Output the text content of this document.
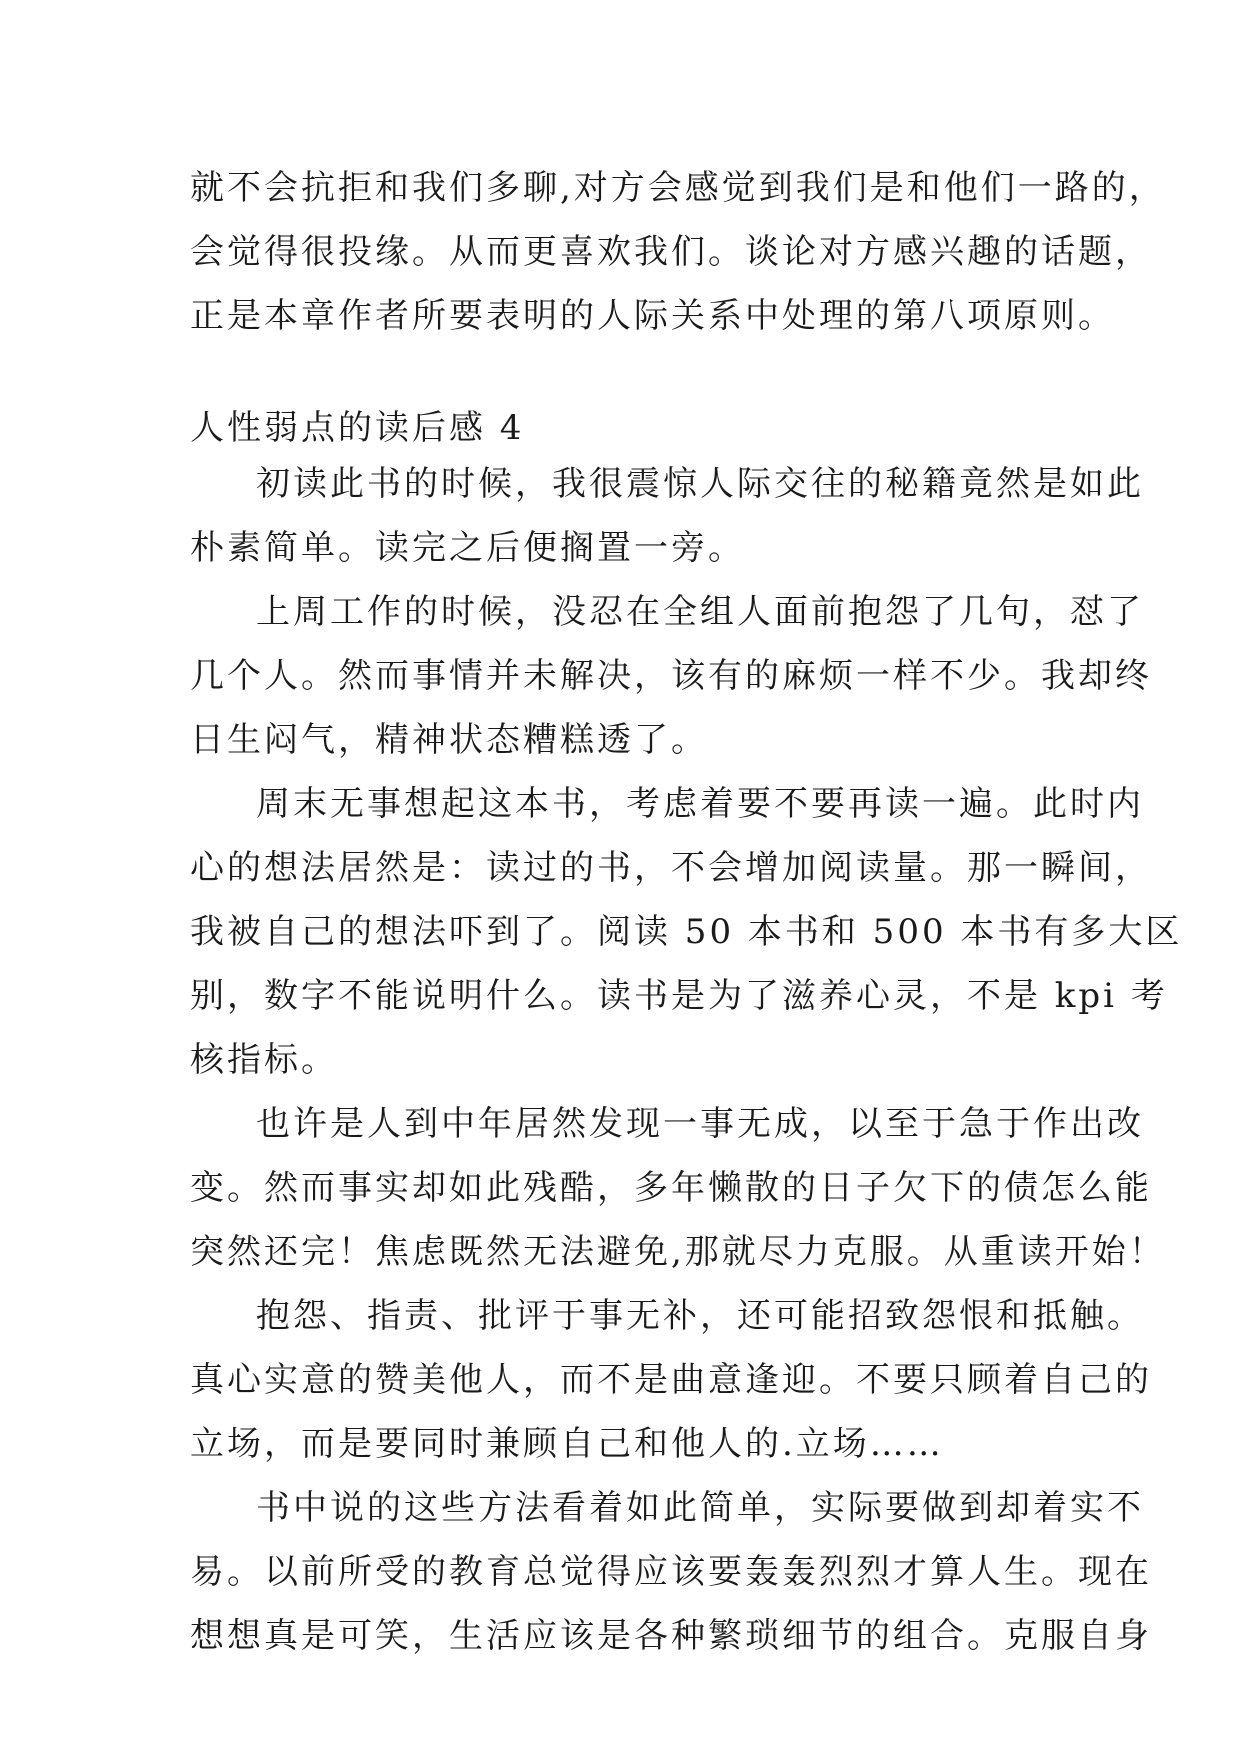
就不会抗拒和我们多聊,对方会感觉到我们是和他们一路的，
会觉得很投缘。从而更喜欢我们。谈论对方感兴趣的话题，
正是本章作者所要表明的人际关系中处理的第八项原则。
人性弱点的读后感 4
初读此书的时候，我很震惊人际交往的秘籍竟然是如此
朴素简单。读完之后便搁置一旁。
上周工作的时候，没忍在全组人面前抱怨了几句，怼了
几个人。然而事情并未解决，该有的麻烦一样不少。我却终
日生闷气，精神状态糟糕透了。
周末无事想起这本书，考虑着要不要再读一遍。此时内
心的想法居然是：读过的书，不会增加阅读量。那一瞬间，
我被自己的想法吓到了。阅读 50 本书和 500 本书有多大区
别，数字不能说明什么。读书是为了滋养心灵，不是 kpi 考
核指标。
也许是人到中年居然发现一事无成，以至于急于作出改
变。然而事实却如此残酷，多年懒散的日子欠下的债怎么能
突然还完！焦虑既然无法避免,那就尽力克服。从重读开始！
抱怨、指责、批评于事无补，还可能招致怨恨和抵触。
真心实意的赞美他人，而不是曲意逢迎。不要只顾着自己的
立场，而是要同时兼顾自己和他人的.立场……
书中说的这些方法看着如此简单，实际要做到却着实不
易。以前所受的教育总觉得应该要轰轰烈烈才算人生。现在
想想真是可笑，生活应该是各种繁琐细节的组合。克服自身
